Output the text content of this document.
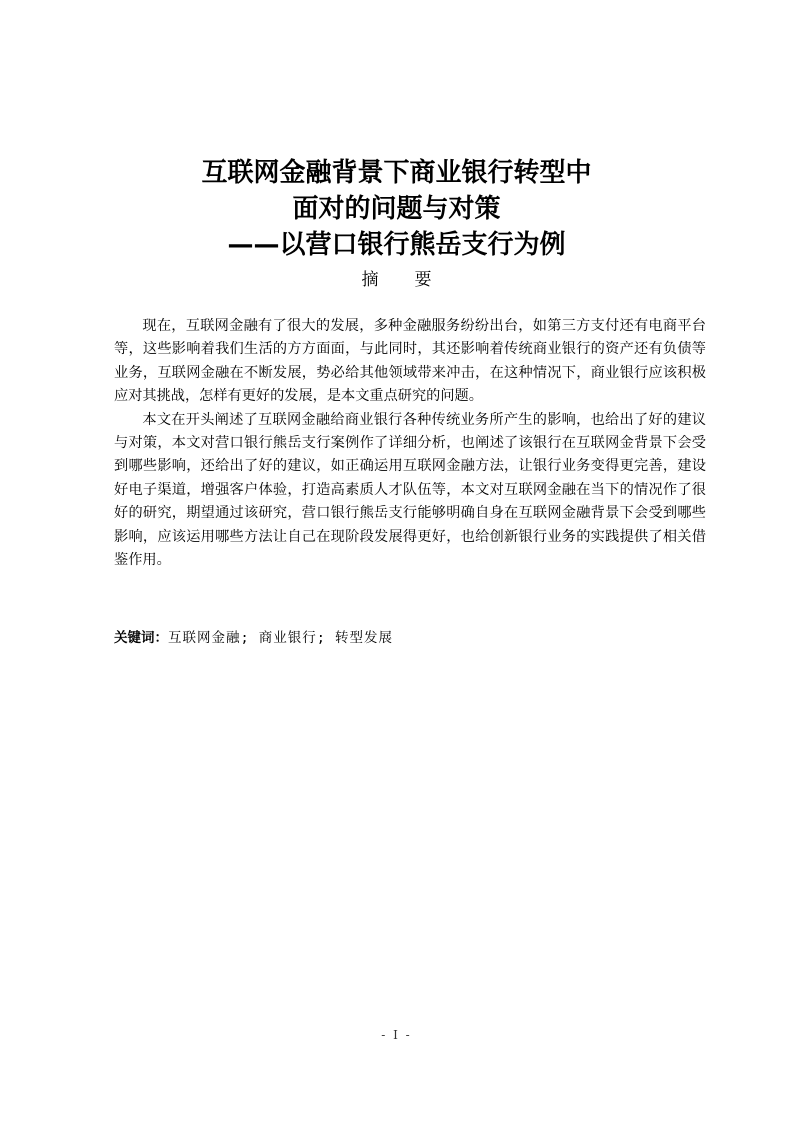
互联网金融背景下商业银行转型中
面对的问题与对策
——以营口银行熊岳支行为例
摘 要

现在，互联网金融有了很大的发展，多种金融服务纷纷出台，如第三方支付还有电商平台等，这些影响着我们生活的方方面面，与此同时，其还影响着传统商业银行的资产还有负债等业务，互联网金融在不断发展，势必给其他领域带来冲击，在这种情况下，商业银行应该积极应对其挑战，怎样有更好的发展，是本文重点研究的问题。

本文在开头阐述了互联网金融给商业银行各种传统业务所产生的影响，也给出了好的建议与对策，本文对营口银行熊岳支行案例作了详细分析，也阐述了该银行在互联网金背景下会受到哪些影响，还给出了好的建议，如正确运用互联网金融方法，让银行业务变得更完善，建设好电子渠道，增强客户体验，打造高素质人才队伍等，本文对互联网金融在当下的情况作了很好的研究，期望通过该研究，营口银行熊岳支行能够明确自身在互联网金融背景下会受到哪些影响，应该运用哪些方法让自己在现阶段发展得更好，也给创新银行业务的实践提供了相关借鉴作用。

关键词：互联网金融; 商业银行; 转型发展
- I -
